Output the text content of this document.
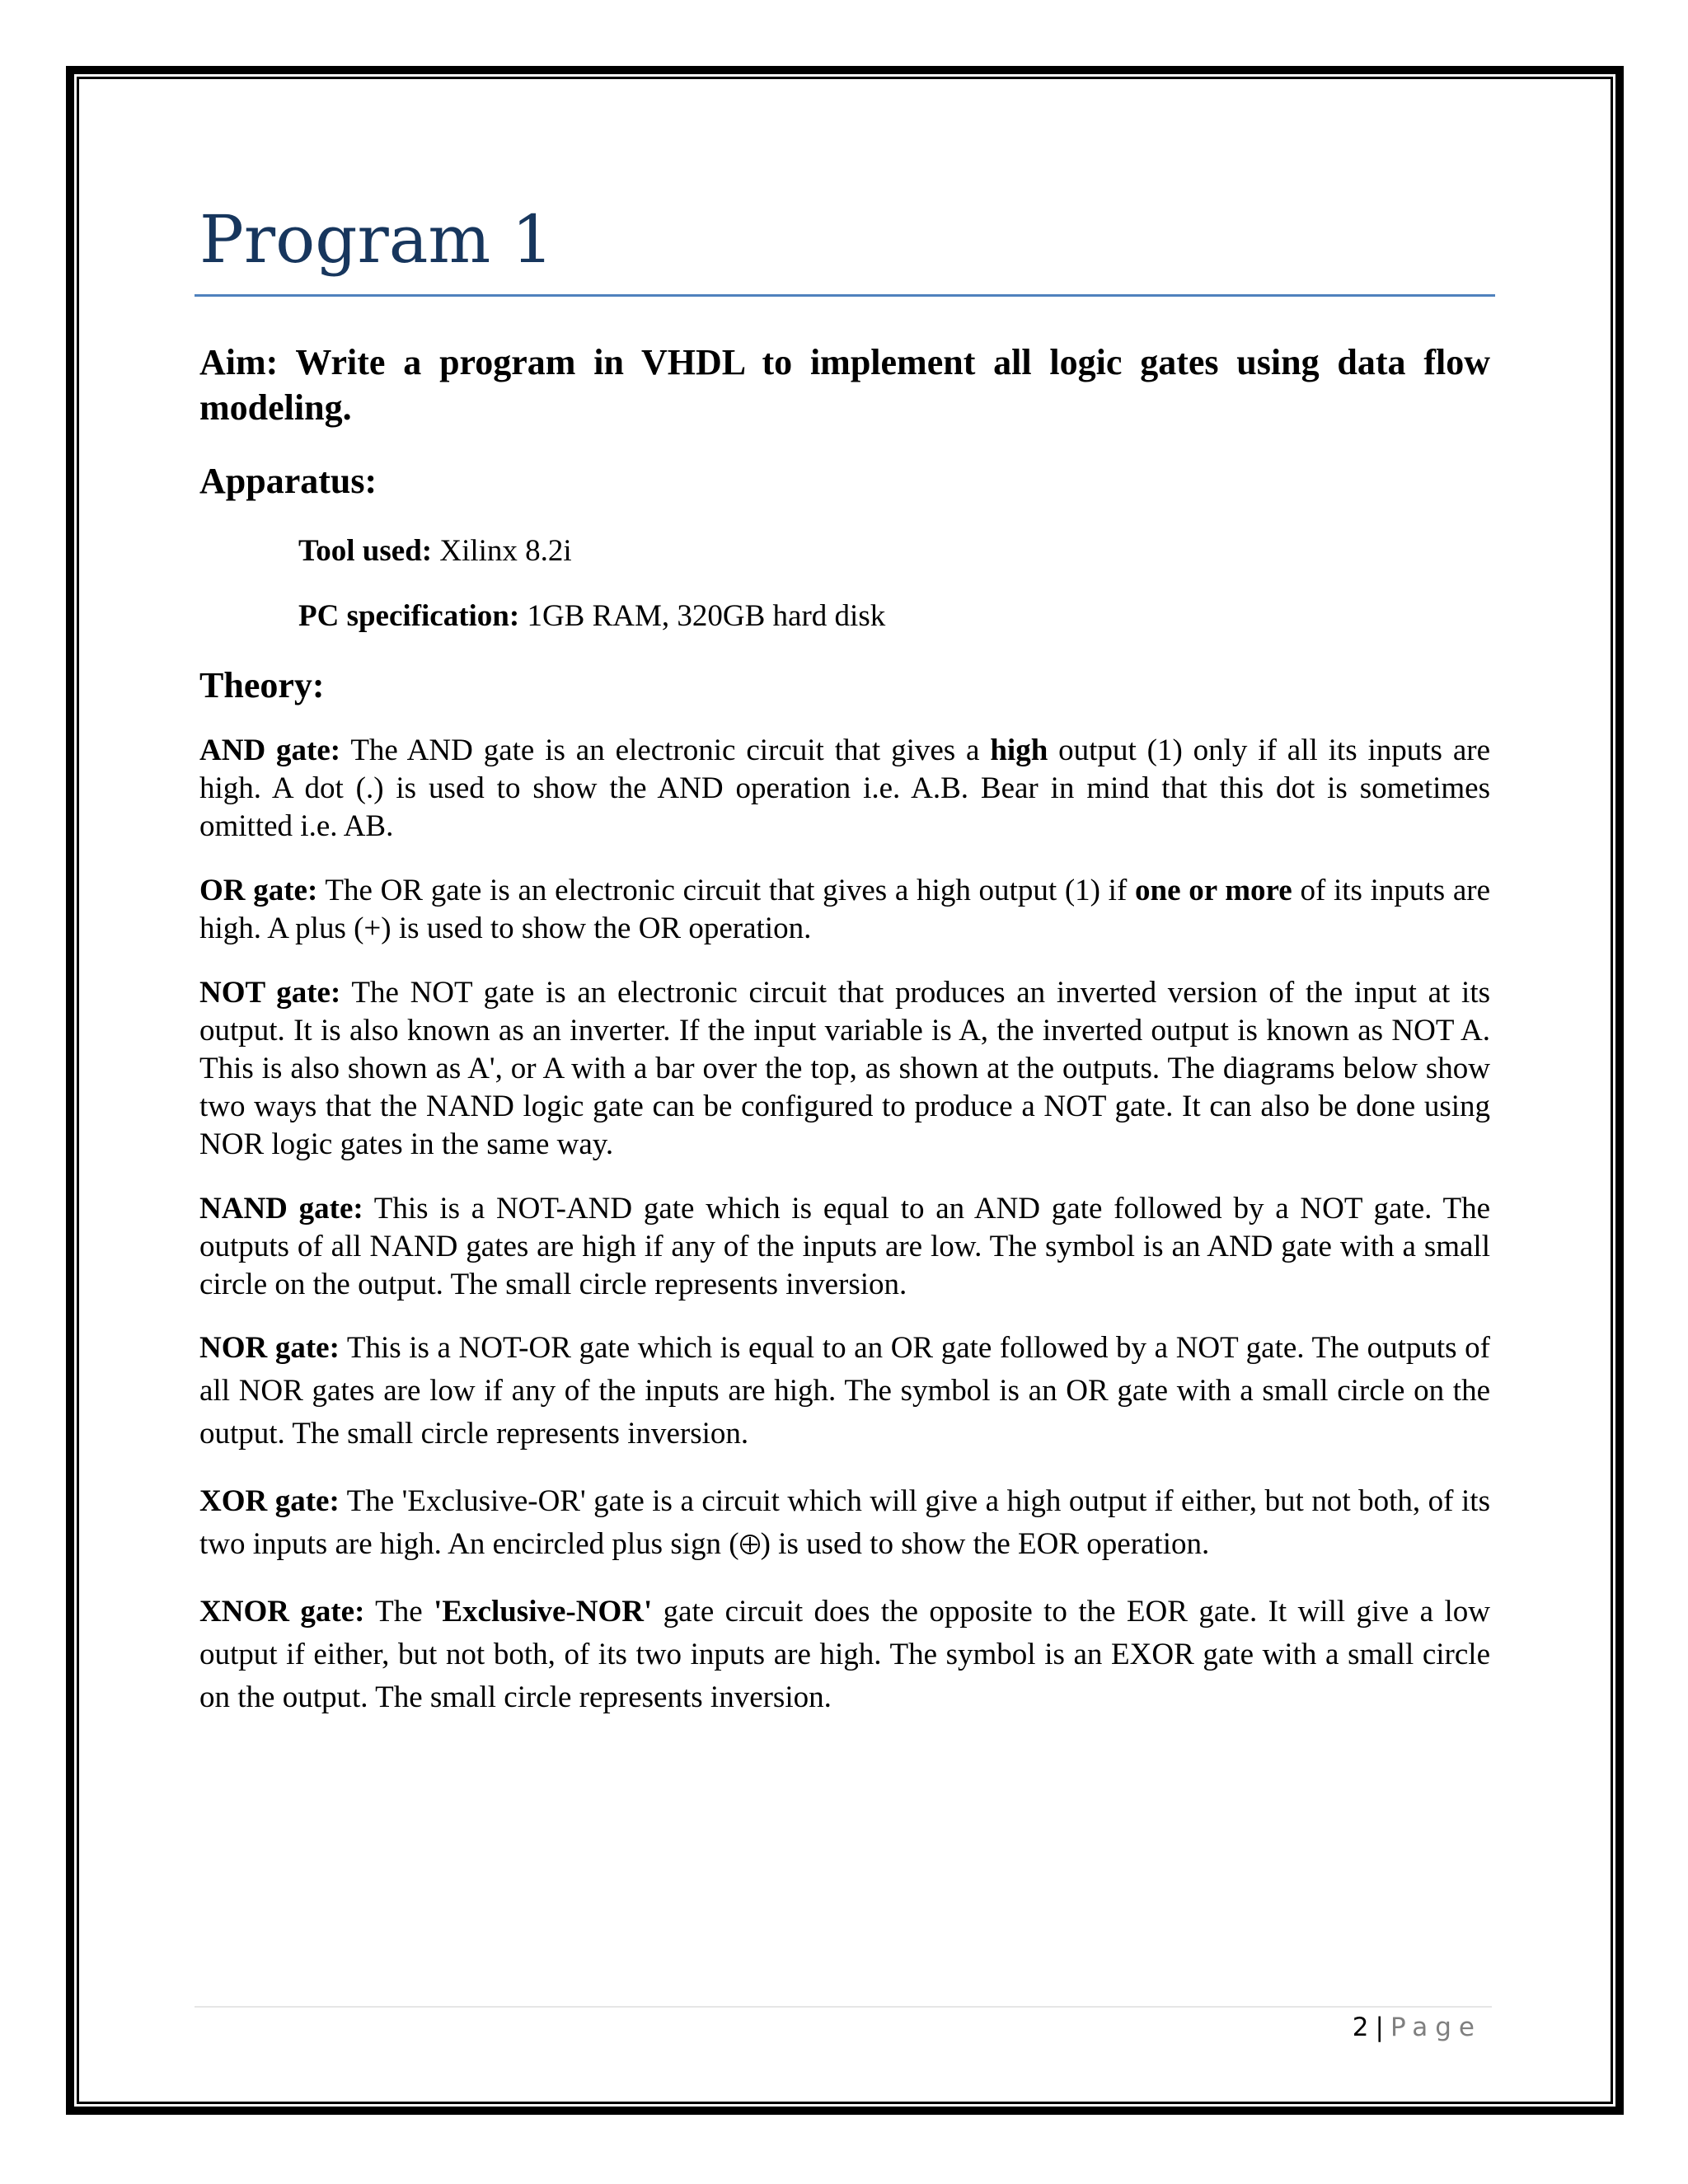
Program 1
Aim: Write a program in VHDL to implement all logic gates using data flow modeling.
Apparatus:
Tool used: Xilinx 8.2i
PC specification: 1GB RAM, 320GB hard disk
Theory:
AND gate: The AND gate is an electronic circuit that gives a high output (1) only if all its inputs are high. A dot (.) is used to show the AND operation i.e. A.B. Bear in mind that this dot is sometimes omitted i.e. AB.
OR gate: The OR gate is an electronic circuit that gives a high output (1) if one or more of its inputs are high. A plus (+) is used to show the OR operation.
NOT gate: The NOT gate is an electronic circuit that produces an inverted version of the input at its output. It is also known as an inverter. If the input variable is A, the inverted output is known as NOT A. This is also shown as A', or A with a bar over the top, as shown at the outputs. The diagrams below show two ways that the NAND logic gate can be configured to produce a NOT gate. It can also be done using NOR logic gates in the same way.
NAND gate: This is a NOT-AND gate which is equal to an AND gate followed by a NOT gate. The outputs of all NAND gates are high if any of the inputs are low. The symbol is an AND gate with a small circle on the output. The small circle represents inversion.
NOR gate: This is a NOT-OR gate which is equal to an OR gate followed by a NOT gate. The outputs of all NOR gates are low if any of the inputs are high. The symbol is an OR gate with a small circle on the output. The small circle represents inversion.
XOR gate: The 'Exclusive-OR' gate is a circuit which will give a high output if either, but not both, of its two inputs are high. An encircled plus sign ( ) is used to show the EOR operation.
XNOR gate: The 'Exclusive-NOR' gate circuit does the opposite to the EOR gate. It will give a low output if either, but not both, of its two inputs are high. The symbol is an EXOR gate with a small circle on the output. The small circle represents inversion.
2 | Page
